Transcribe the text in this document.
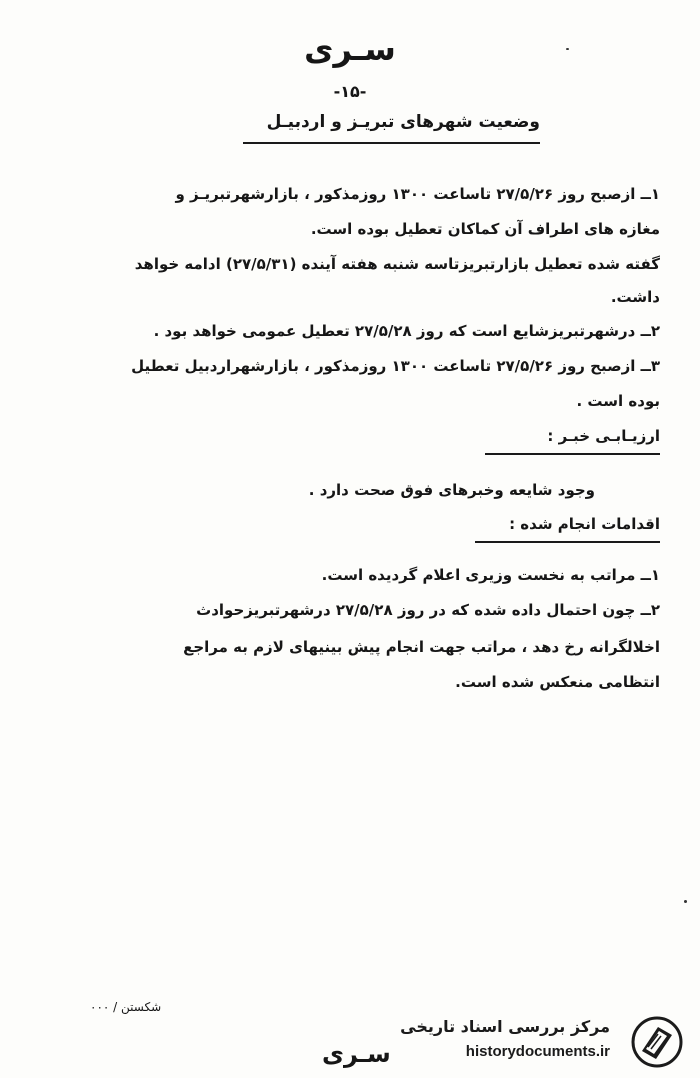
سـری
-۱۵-
وضعیت شهرهای تبریـز و اردبیـل
۱ــ ازصبح روز ۲۷/۵/۲۶ تاساعت ۱۳۰۰ روزمذکور ، بازارشهرتبریـز و
مغازه های اطراف آن کماکان تعطیل بوده است.
گفته شده تعطیل بازارتبریزتاسه شنبه هفته آینده (۲۷/۵/۳۱) ادامه خواهد
داشت.
۲ــ درشهرتبریزشایع است که روز ۲۷/۵/۲۸ تعطیل عمومی خواهد بود .
۳ــ ازصبح روز ۲۷/۵/۲۶ تاساعت ۱۳۰۰ روزمذکور ، بازارشهراردبیل تعطیل
بوده است .
ارزیـابـی خبـر :
وجود شایعه وخبرهای فوق صحت دارد .
اقدامات انجام شده :
۱ــ مراتب به نخست وزیری اعلام گردیده است.
۲ــ چون احتمال داده شده که در روز ۲۷/۵/۲۸ درشهرتبریزحوادث
اخلالگرانه رخ دهد ، مراتب جهت انجام پیش بینیهای لازم به مراجع
انتظامی منعکس شده است.
شکستن / ۰۰۰
سـری
مرکز بررسی اسناد تاریخی
historydocuments.ir
